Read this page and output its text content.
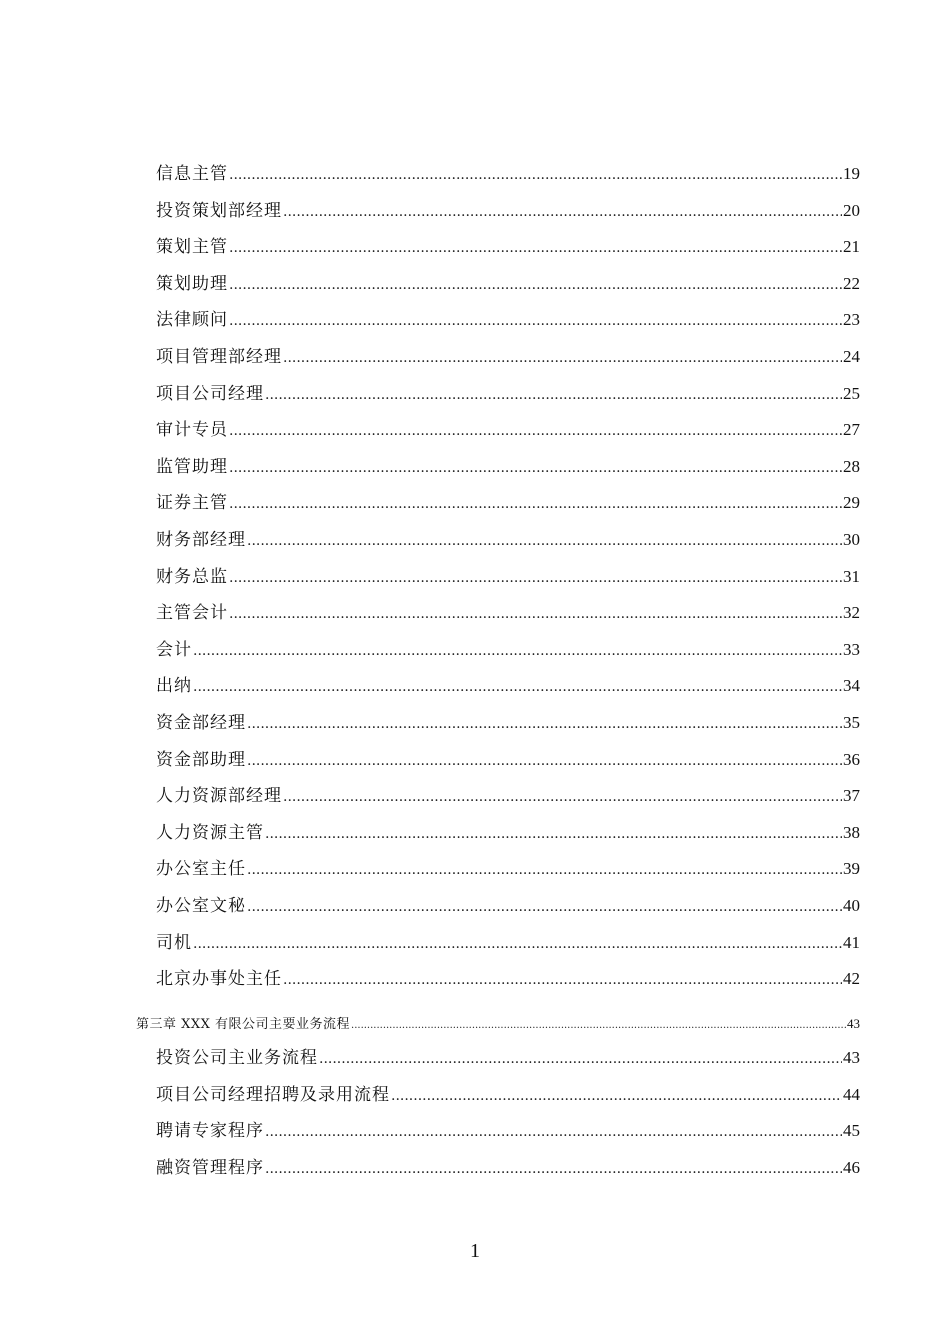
信息主管 .....	19
投资策划部经理 .....	20
策划主管 .....	21
策划助理 .....	22
法律顾问 .....	23
项目管理部经理 .....	24
项目公司经理 .....	25
审计专员 .....	27
监管助理 .....	28
证券主管 .....	29
财务部经理 .....	30
财务总监 .....	31
主管会计 .....	32
会计 .....	33
出纳 .....	34
资金部经理 .....	35
资金部助理 .....	36
人力资源部经理 .....	37
人力资源主管 .....	38
办公室主任 .....	39
办公室文秘 .....	40
司机 .....	41
北京办事处主任 .....	42
第三章 XXX 有限公司主要业务流程 .....	43
投资公司主业务流程 .....	43
项目公司经理招聘及录用流程 .....	44
聘请专家程序 .....	45
融资管理程序 .....	46
1
